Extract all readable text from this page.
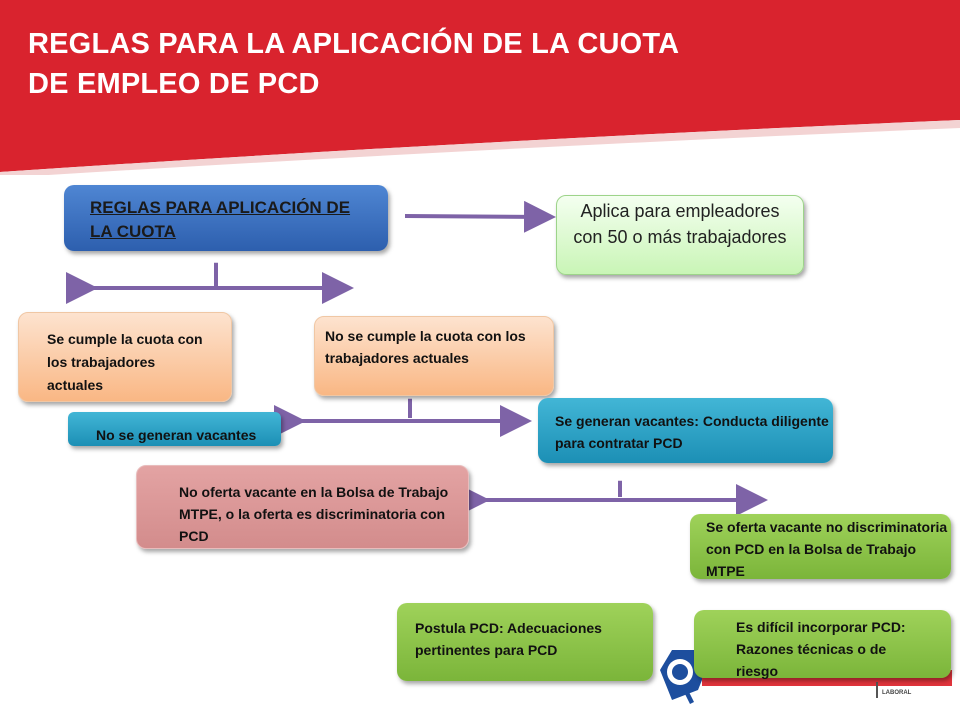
REGLAS PARA LA APLICACIÓN DE LA CUOTA
DE EMPLEO DE PCD
REGLAS PARA APLICACIÓN DE LA CUOTA
Aplica para empleadores con 50 o más trabajadores
Se cumple la cuota con los trabajadores actuales
No se cumple la cuota con los trabajadores actuales
No se generan vacantes
Se generan vacantes: Conducta diligente para contratar PCD
No oferta vacante en la Bolsa de Trabajo MTPE, o la oferta es discriminatoria con PCD
Se oferta vacante no discriminatoria con PCD en la Bolsa de Trabajo MTPE
Postula PCD: Adecuaciones pertinentes para PCD
Es difícil incorporar PCD: Razones técnicas o de riesgo
LABORAL
